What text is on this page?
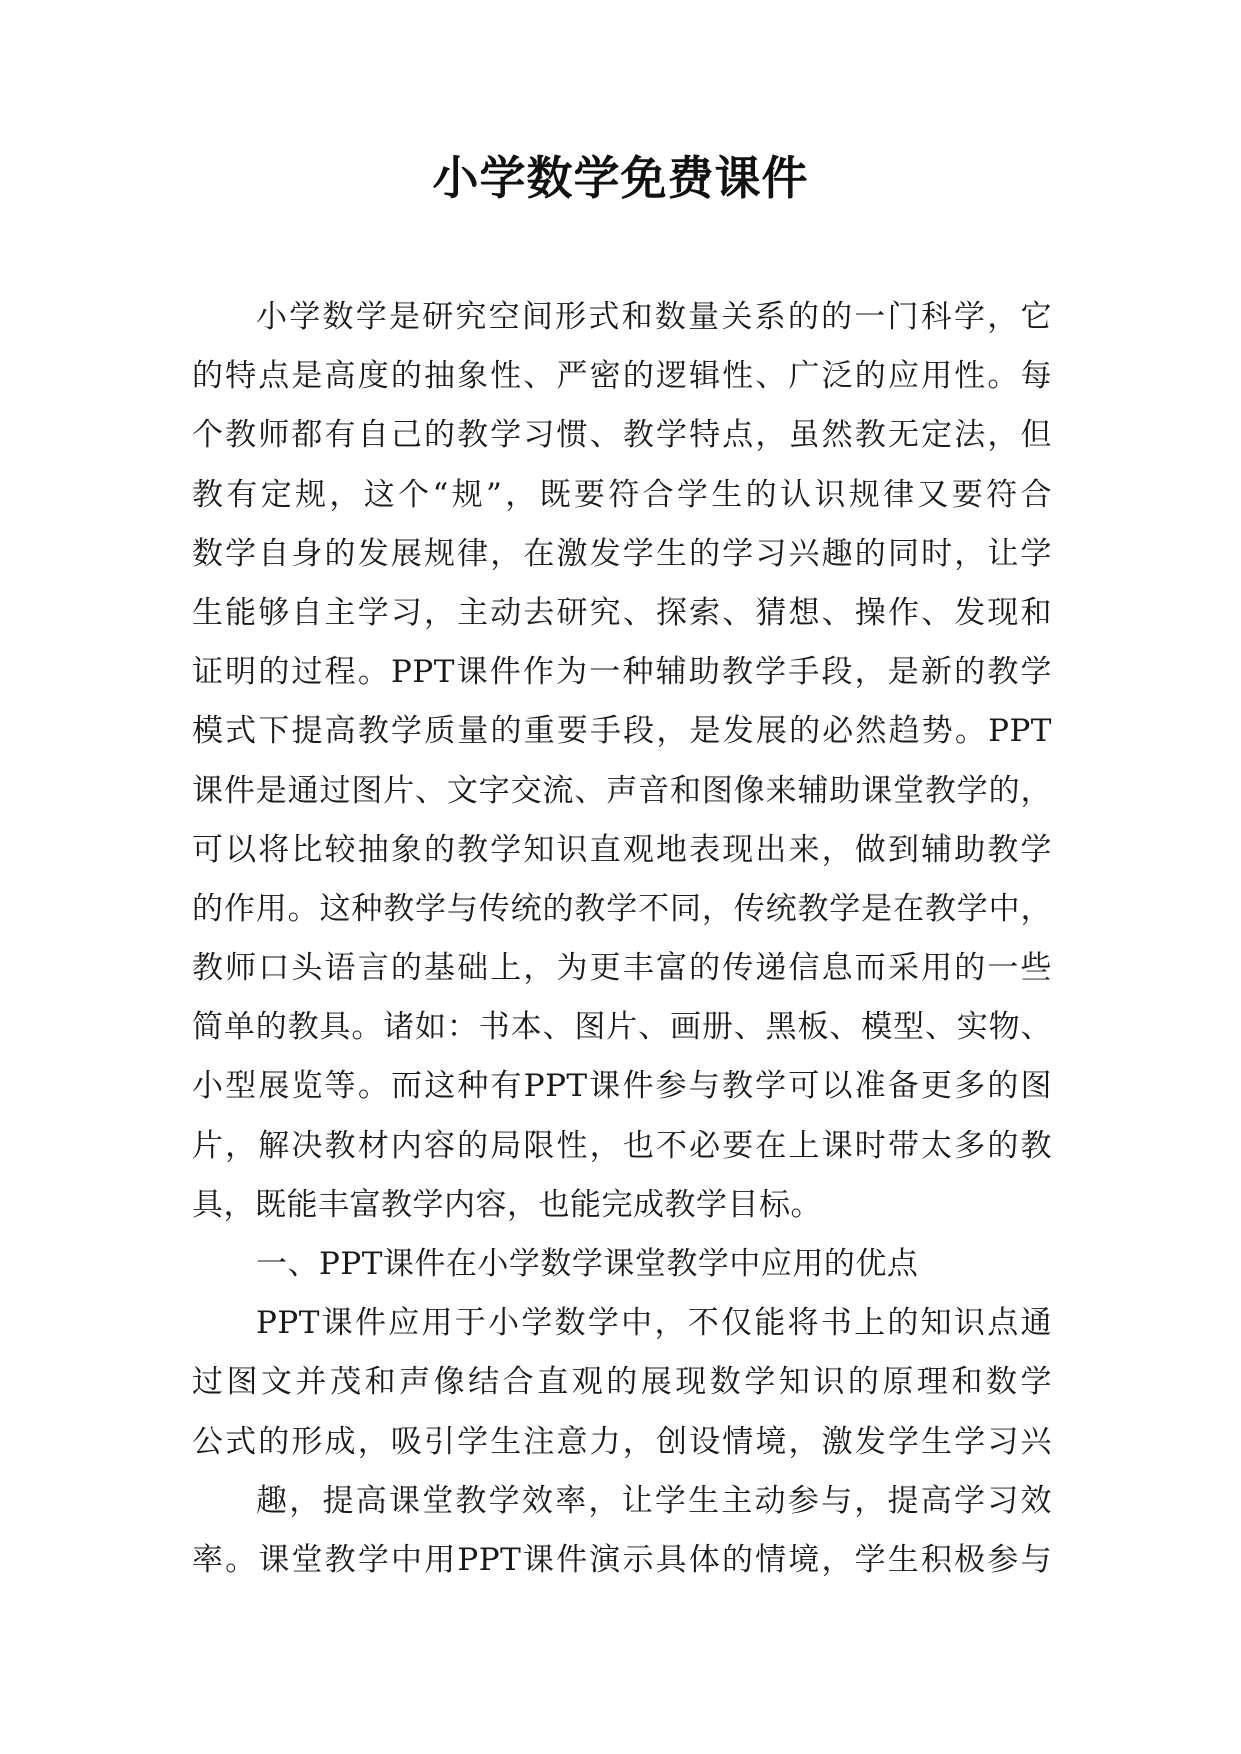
小学数学免费课件
小学数学是研究空间形式和数量关系的的一门科学，它
的特点是高度的抽象性、严密的逻辑性、广泛的应用性。每
个教师都有自己的教学习惯、教学特点，虽然教无定法，但
教有定规，这个“规”，既要符合学生的认识规律又要符合
数学自身的发展规律，在激发学生的学习兴趣的同时，让学
生能够自主学习，主动去研究、探索、猜想、操作、发现和
证明的过程。PPT课件作为一种辅助教学手段，是新的教学
模式下提高教学质量的重要手段，是发展的必然趋势。PPT
课件是通过图片、文字交流、声音和图像来辅助课堂教学的，
可以将比较抽象的教学知识直观地表现出来，做到辅助教学
的作用。这种教学与传统的教学不同，传统教学是在教学中，
教师口头语言的基础上，为更丰富的传递信息而采用的一些
简单的教具。诸如：书本、图片、画册、黑板、模型、实物、
小型展览等。而这种有PPT课件参与教学可以准备更多的图
片，解决教材内容的局限性，也不必要在上课时带太多的教
具，既能丰富教学内容，也能完成教学目标。
一、PPT课件在小学数学课堂教学中应用的优点
PPT课件应用于小学数学中，不仅能将书上的知识点通
过图文并茂和声像结合直观的展现数学知识的原理和数学
公式的形成，吸引学生注意力，创设情境，激发学生学习兴
趣，提高课堂教学效率，让学生主动参与，提高学习效
率。课堂教学中用PPT课件演示具体的情境，学生积极参与
